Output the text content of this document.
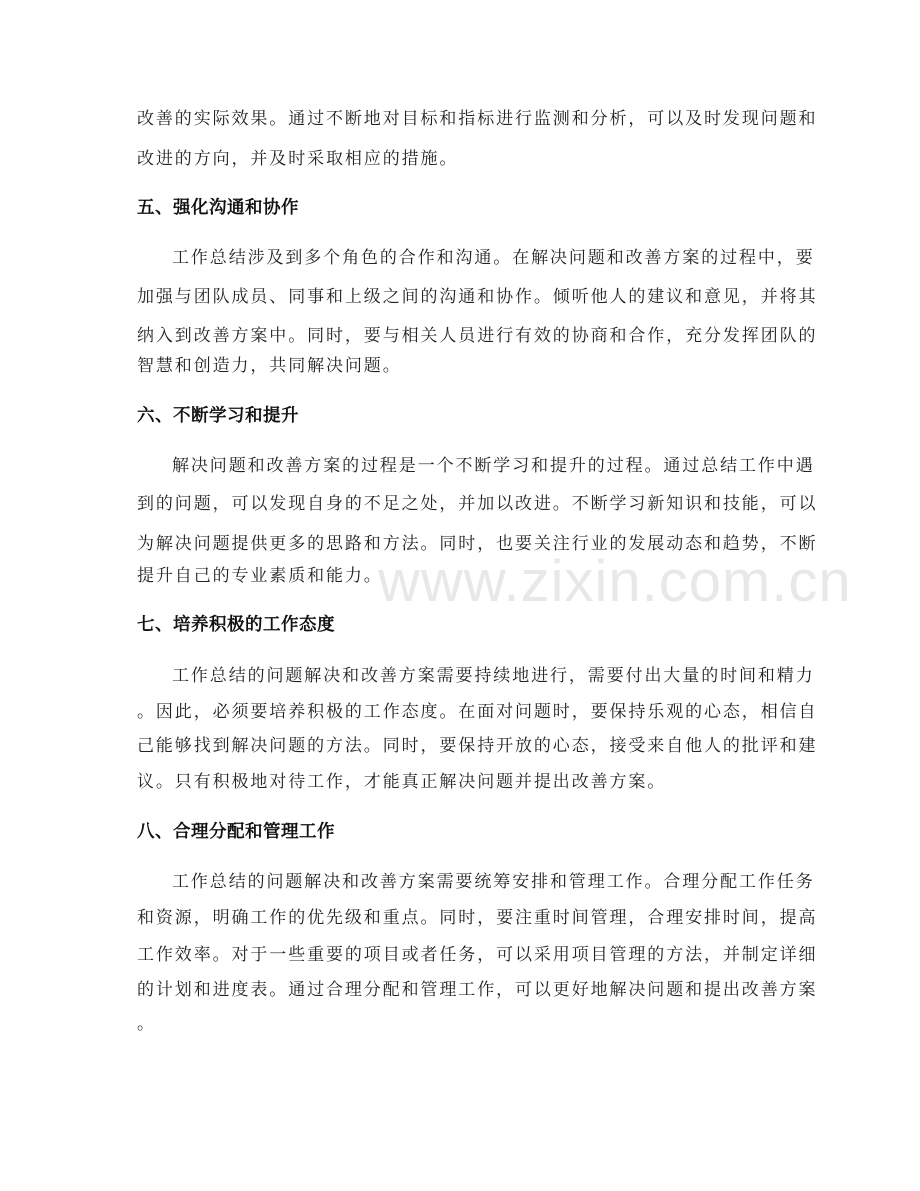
改善的实际效果。通过不断地对目标和指标进行监测和分析，可以及时发现问题和
改进的方向，并及时采取相应的措施。
五、强化沟通和协作
工作总结涉及到多个角色的合作和沟通。在解决问题和改善方案的过程中，要
加强与团队成员、同事和上级之间的沟通和协作。倾听他人的建议和意见，并将其
纳入到改善方案中。同时，要与相关人员进行有效的协商和合作，充分发挥团队的
智慧和创造力，共同解决问题。
六、不断学习和提升
解决问题和改善方案的过程是一个不断学习和提升的过程。通过总结工作中遇
到的问题，可以发现自身的不足之处，并加以改进。不断学习新知识和技能，可以
为解决问题提供更多的思路和方法。同时，也要关注行业的发展动态和趋势，不断
提升自己的专业素质和能力。
七、培养积极的工作态度
工作总结的问题解决和改善方案需要持续地进行，需要付出大量的时间和精力
。因此，必须要培养积极的工作态度。在面对问题时，要保持乐观的心态，相信自
己能够找到解决问题的方法。同时，要保持开放的心态，接受来自他人的批评和建
议。只有积极地对待工作，才能真正解决问题并提出改善方案。
八、合理分配和管理工作
工作总结的问题解决和改善方案需要统筹安排和管理工作。合理分配工作任务
和资源，明确工作的优先级和重点。同时，要注重时间管理，合理安排时间，提高
工作效率。对于一些重要的项目或者任务，可以采用项目管理的方法，并制定详细
的计划和进度表。通过合理分配和管理工作，可以更好地解决问题和提出改善方案
。
www.zixin.com.cn
